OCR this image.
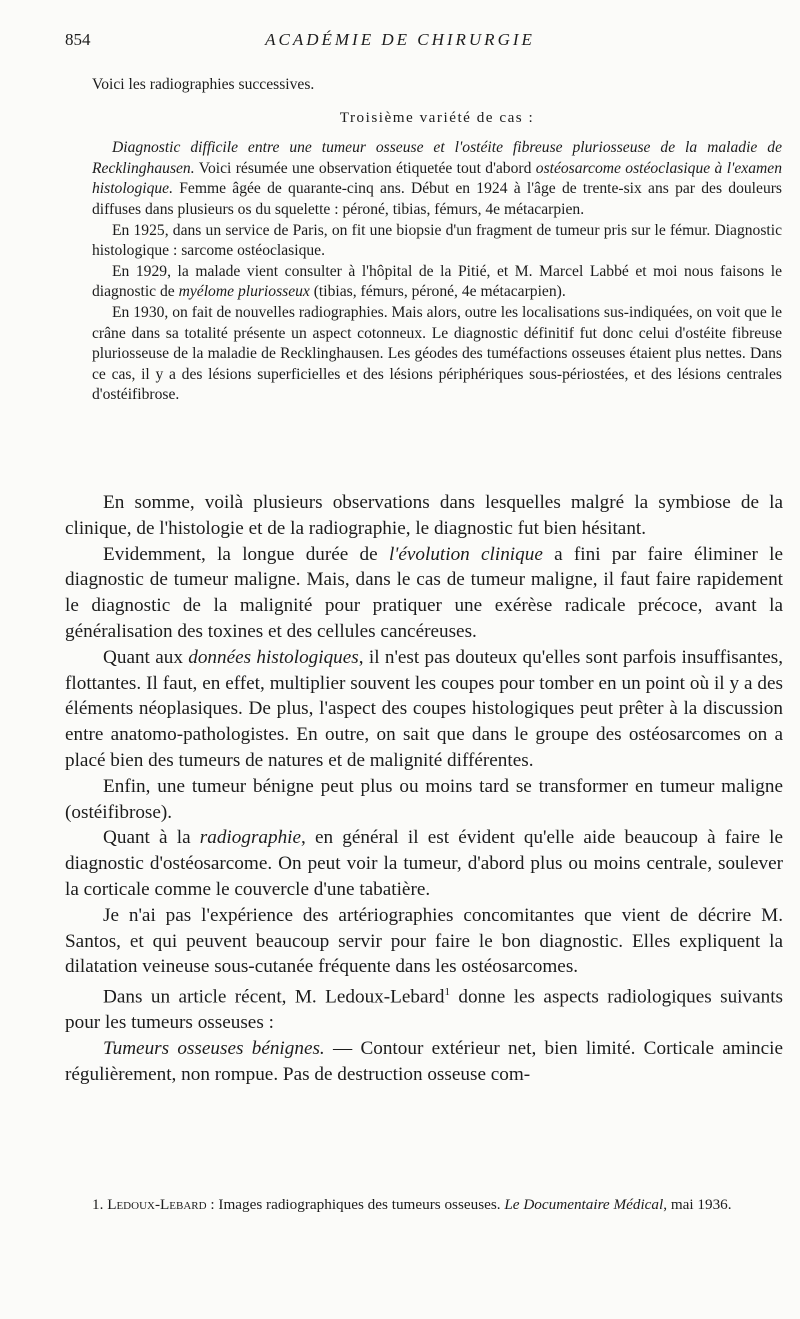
854	ACADÉMIE DE CHIRURGIE

Voici les radiographies successives.

Troisième variété de cas :

Diagnostic difficile entre une tumeur osseuse et l'ostéite fibreuse pluriosseuse de la maladie de Recklinghausen. Voici résumée une observation étiquetée tout d'abord ostéosarcome ostéoclasique à l'examen histologique. Femme âgée de quarante-cinq ans. Début en 1924 à l'âge de trente-six ans par des douleurs diffuses dans plusieurs os du squelette : péroné, tibias, fémurs, 4e métacarpien.

En 1925, dans un service de Paris, on fit une biopsie d'un fragment de tumeur pris sur le fémur. Diagnostic histologique : sarcome ostéoclasique.

En 1929, la malade vient consulter à l'hôpital de la Pitié, et M. Marcel Labbé et moi nous faisons le diagnostic de myélome pluriosseux (tibias, fémurs, péroné, 4e métacarpien).

En 1930, on fait de nouvelles radiographies. Mais alors, outre les localisations sus-indiquées, on voit que le crâne dans sa totalité présente un aspect cotonneux. Le diagnostic définitif fut donc celui d'ostéite fibreuse pluriosseuse de la maladie de Recklinghausen. Les géodes des tuméfactions osseuses étaient plus nettes. Dans ce cas, il y a des lésions superficielles et des lésions périphériques sous-périostées, et des lésions centrales d'ostéifibrose.

En somme, voilà plusieurs observations dans lesquelles malgré la symbiose de la clinique, de l'histologie et de la radiographie, le diagnostic fut bien hésitant.

Evidemment, la longue durée de l'évolution clinique a fini par faire éliminer le diagnostic de tumeur maligne. Mais, dans le cas de tumeur maligne, il faut faire rapidement le diagnostic de la malignité pour pratiquer une exérèse radicale précoce, avant la généralisation des toxines et des cellules cancéreuses.

Quant aux données histologiques, il n'est pas douteux qu'elles sont parfois insuffisantes, flottantes. Il faut, en effet, multiplier souvent les coupes pour tomber en un point où il y a des éléments néoplasiques. De plus, l'aspect des coupes histologiques peut prêter à la discussion entre anatomo-pathologistes. En outre, on sait que dans le groupe des ostéosarcomes on a placé bien des tumeurs de natures et de malignité différentes.

Enfin, une tumeur bénigne peut plus ou moins tard se transformer en tumeur maligne (ostéifibrose).

Quant à la radiographie, en général il est évident qu'elle aide beaucoup à faire le diagnostic d'ostéosarcome. On peut voir la tumeur, d'abord plus ou moins centrale, soulever la corticale comme le couvercle d'une tabatière.

Je n'ai pas l'expérience des artériographies concomitantes que vient de décrire M. Santos, et qui peuvent beaucoup servir pour faire le bon diagnostic. Elles expliquent la dilatation veineuse sous-cutanée fréquente dans les ostéosarcomes.

Dans un article récent, M. Ledoux-Lebard$^1$ donne les aspects radiologiques suivants pour les tumeurs osseuses :

Tumeurs osseuses bénignes. — Contour extérieur net, bien limité. Corticale amincie régulièrement, non rompue. Pas de destruction osseuse com-

1. Ledoux-Lebard : Images radiographiques des tumeurs osseuses. Le Documentaire Médical, mai 1936.
